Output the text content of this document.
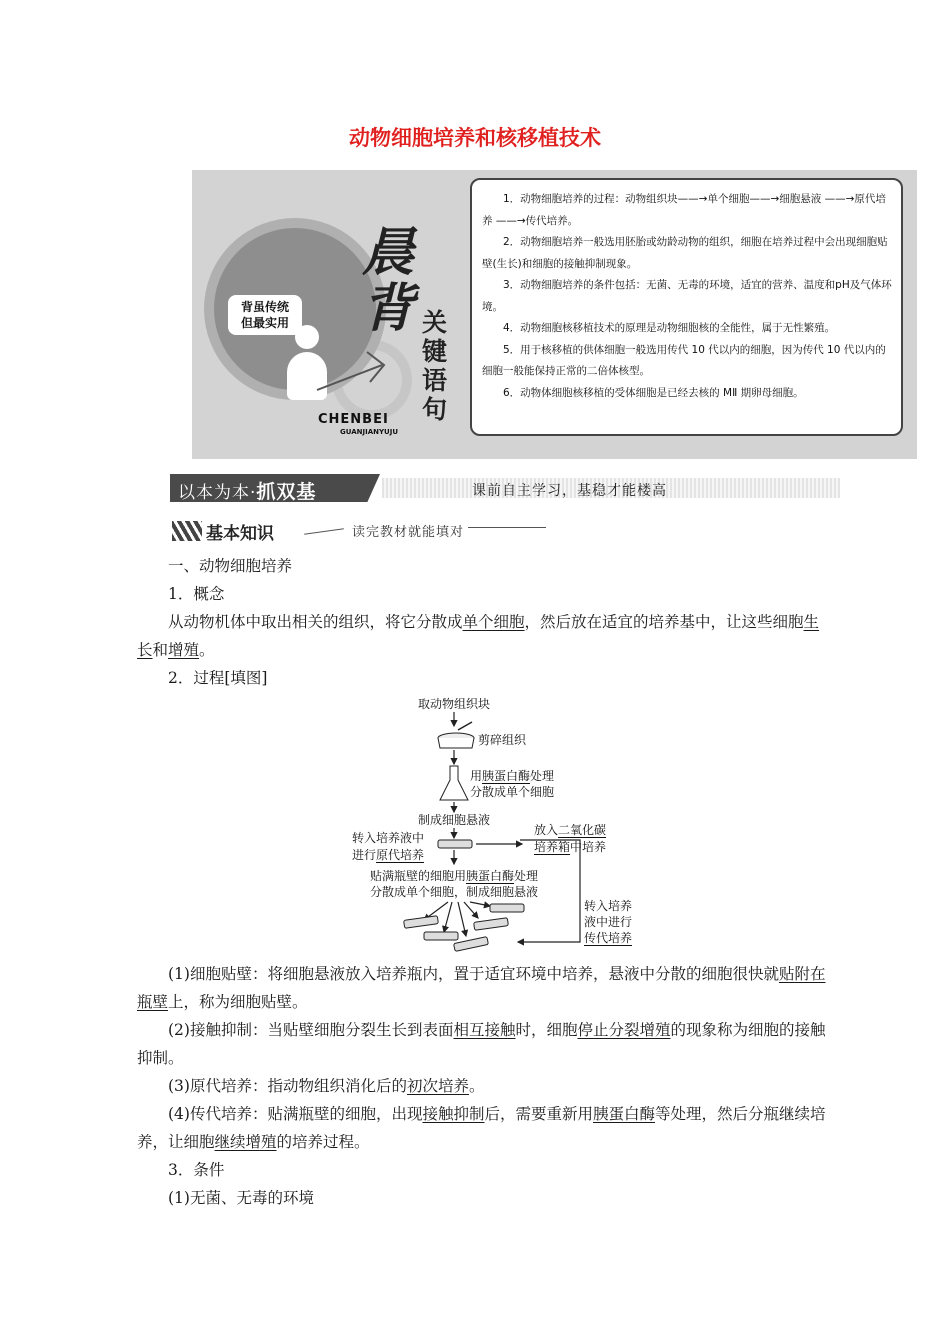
动物细胞培养和核移植技术
背虽传统
但最实用
晨背 关键语句
CHENBEI
GUANJIANYUJU

1．动物细胞培养的过程：动物组织块——→单个细胞——→细胞悬液 ——→原代培养 ——→传代培养。

2．动物细胞培养一般选用胚胎或幼龄动物的组织，细胞在培养过程中会出现细胞贴壁(生长)和细胞的接触抑制现象。

3．动物细胞培养的条件包括：无菌、无毒的环境，适宜的营养、温度和pH及气体环境。

4．动物细胞核移植技术的原理是动物细胞核的全能性，属于无性繁殖。

5．用于核移植的供体细胞一般选用传代 10 代以内的细胞，因为传代 10 代以内的细胞一般能保持正常的二倍体核型。

6．动物体细胞核移植的受体细胞是已经去核的 MⅡ 期卵母细胞。

以本为本·抓双基	课前自主学习，基稳才能楼高
基本知识	读完教材就能填对

一、动物细胞培养

1．概念

从动物机体中取出相关的组织，将它分散成单个细胞，然后放在适宜的培养基中，让这些细胞生长和增殖。

2．过程[填图]

取动物组织块
剪碎组织
用胰蛋白酶处理
分散成单个细胞
制成细胞悬液
转入培养液中
进行原代培养
放入二氧化碳
培养箱中培养
贴满瓶壁的细胞用胰蛋白酶处理
分散成单个细胞，制成细胞悬液
转入培养
液中进行
传代培养

(1)细胞贴壁：将细胞悬液放入培养瓶内，置于适宜环境中培养，悬液中分散的细胞很快就贴附在瓶壁上，称为细胞贴壁。

(2)接触抑制：当贴壁细胞分裂生长到表面相互接触时，细胞停止分裂增殖的现象称为细胞的接触抑制。

(3)原代培养：指动物组织消化后的初次培养。

(4)传代培养：贴满瓶壁的细胞，出现接触抑制后，需要重新用胰蛋白酶等处理，然后分瓶继续培养，让细胞继续增殖的培养过程。

3．条件

(1)无菌、无毒的环境
